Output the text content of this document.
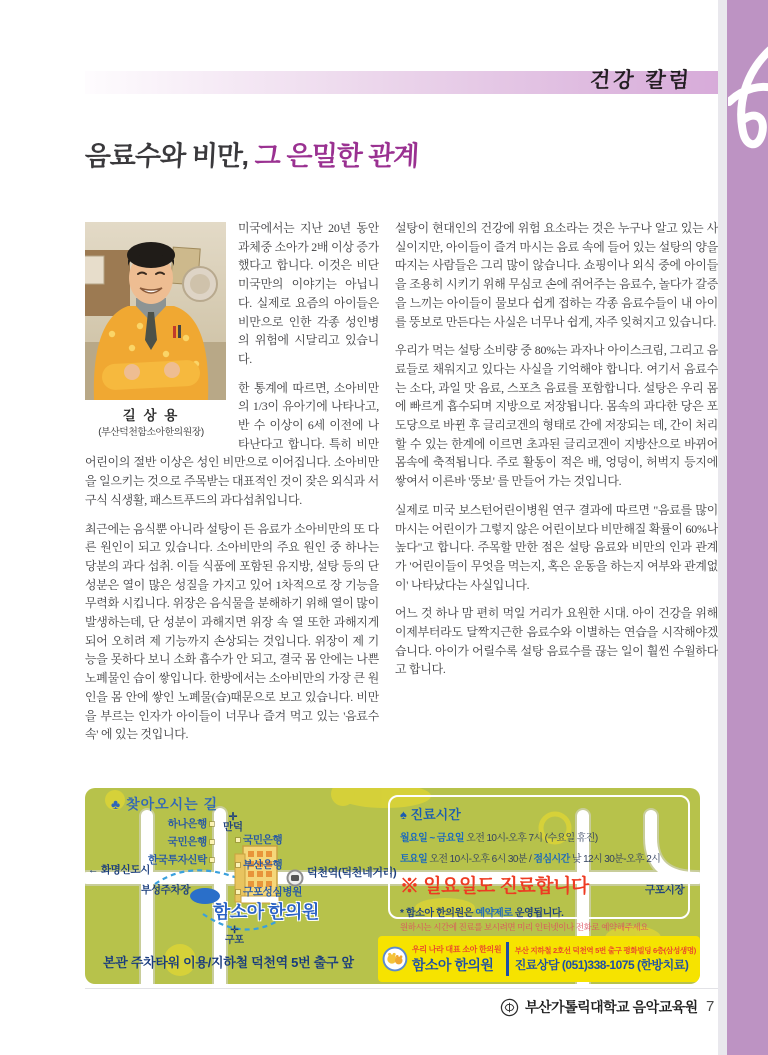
건강 칼럼
음료수와 비만, 그 은밀한 관계
길 상 용
(부산덕천함소아한의원장)

미국에서는 지난 20년 동안 과체중 소아가 2배 이상 증가했다고 합니다. 이것은 비단 미국만의 이야기는 아닙니다. 실제로 요즘의 아이들은 비만으로 인한 각종 성인병의 위험에 시달리고 있습니다.

한 통계에 따르면, 소아비만의 1/3이 유아기에 나타나고, 반 수 이상이 6세 이전에 나타난다고 합니다. 특히 비만 어린이의 절반 이상은 성인 비만으로 이어집니다. 소아비만을 일으키는 것으로 주목받는 대표적인 것이 잦은 외식과 서구식 식생활, 패스트푸드의 과다섭취입니다.

최근에는 음식뿐 아니라 설탕이 든 음료가 소아비만의 또 다른 원인이 되고 있습니다. 소아비만의 주요 원인 중 하나는 당분의 과다 섭취. 이들 식품에 포함된 유지방, 설탕 등의 단 성분은 열이 많은 성질을 가지고 있어 1차적으로 장 기능을 무력화 시킵니다. 위장은 음식물을 분해하기 위해 열이 많이 발생하는데, 단 성분이 과해지면 위장 속 열 또한 과해지게 되어 오히려 제 기능까지 손상되는 것입니다. 위장이 제 기능을 못하다 보니 소화 흡수가 안 되고, 결국 몸 안에는 나쁜 노폐물인 습이 쌓입니다. 한방에서는 소아비만의 가장 큰 원인을 몸 안에 쌓인 노폐물(습)때문으로 보고 있습니다. 비만을 부르는 인자가 아이들이 너무나 즐겨 먹고 있는 '음료수 속' 에 있는 것입니다.

설탕이 현대인의 건강에 위험 요소라는 것은 누구나 알고 있는 사실이지만, 아이들이 즐겨 마시는 음료 속에 들어 있는 설탕의 양을 따지는 사람들은 그리 많이 않습니다. 쇼핑이나 외식 중에 아이들을 조용히 시키기 위해 무심코 손에 쥐어주는 음료수, 놀다가 갈증을 느끼는 아이들이 물보다 쉽게 접하는 각종 음료수들이 내 아이를 뚱보로 만든다는 사실은 너무나 쉽게, 자주 잊혀지고 있습니다.

우리가 먹는 설탕 소비량 중 80%는 과자나 아이스크림, 그리고 음료들로 채워지고 있다는 사실을 기억해야 합니다. 여기서 음료수는 소다, 과일 맛 음료, 스포츠 음료를 포함합니다. 설탕은 우리 몸에 빠르게 흡수되며 지방으로 저장됩니다. 몸속의 과다한 당은 포도당으로 바뀐 후 글리코겐의 형태로 간에 저장되는 데, 간이 처리할 수 있는 한계에 이르면 초과된 글리코겐이 지방산으로 바뀌어 몸속에 축적됩니다. 주로 활동이 적은 배, 엉덩이, 허벅지 등지에 쌓여서 이른바 '뚱보' 를 만들어 가는 것입니다.

실제로 미국 보스턴어린이병원 연구 결과에 따르면 "음료를 많이 마시는 어린이가 그렇지 않은 어린이보다 비만해질 확률이 60%나 높다"고 합니다. 주목할 만한 점은 설탕 음료와 비만의 인과 관계가 '어린이들이 무엇을 먹는지, 혹은 운동을 하는지 여부와 관계없이' 나타났다는 사실입니다.

어느 것 하나 맘 편히 먹일 거리가 요원한 시대. 아이 건강을 위해 이제부터라도 달짝지근한 음료수와 이별하는 연습을 시작해야겠습니다. 아이가 어릴수록 설탕 음료수를 끊는 일이 훨씬 수월하다고 합니다.

♣ 찾아오시는 길
하나은행
국민은행
한국투자신탁
✛
만덕
국민은행
부산은행
구포성심병원
← 화명신도시	덕천역(덕천네거리)
구포시장
부성주차장
함소아 한의원
✛
구포
본관 주차타워 이용/지하철 덕천역 5번 출구 앞
♠ 진료시간
월요일 ~ 금요일 오전 10시-오후 7시 (수요일 휴진)
토요일 오전 10시-오후 6시 30분 / 점심시간 낮 12시 30분-오후 2시
※ 일요일도 진료합니다
* 함소아 한의원은 예약제로 운영됩니다.
원하시는 시간에 진료를 보시려면 미리 인터넷이나 전화로 예약해주세요
우리 나라 대표 소아 한의원
함소아 한의원
부산 지하철 2호선 덕천역 5번 출구 평화빌딩 6층(삼성생명)
진료상담 (051)338-1075 (한방치료)
부산가톨릭대학교 음악교육원 7
